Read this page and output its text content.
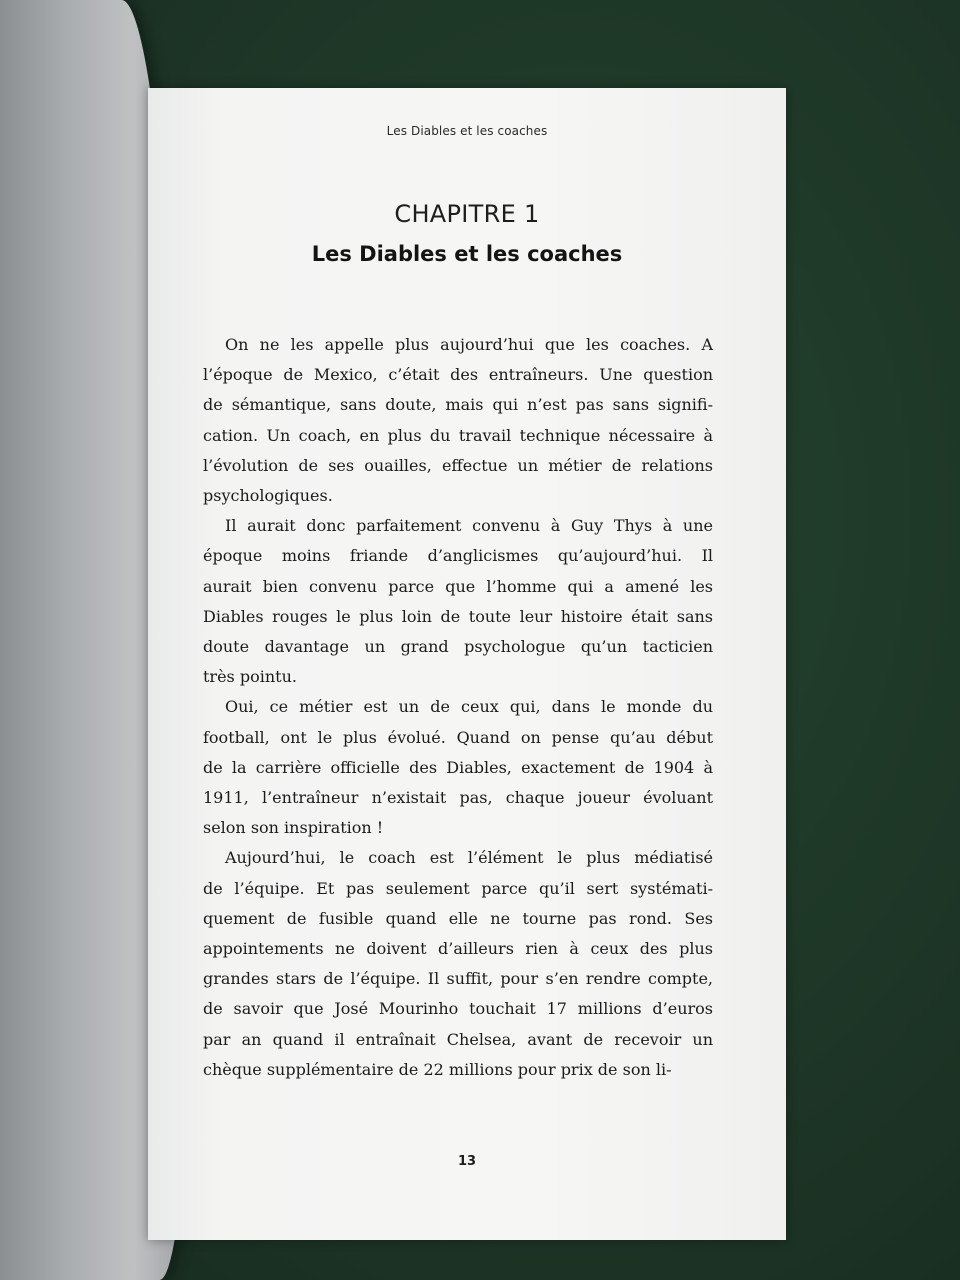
Les Diables et les coaches
CHAPITRE 1
Les Diables et les coaches
On ne les appelle plus aujourd’hui que les coaches. A
l’époque de Mexico, c’était des entraîneurs. Une question
de sémantique, sans doute, mais qui n’est pas sans signifi-
cation. Un coach, en plus du travail technique nécessaire à
l’évolution de ses ouailles, effectue un métier de relations
psychologiques.
Il aurait donc parfaitement convenu à Guy Thys à une
époque moins friande d’anglicismes qu’aujourd’hui. Il
aurait bien convenu parce que l’homme qui a amené les
Diables rouges le plus loin de toute leur histoire était sans
doute davantage un grand psychologue qu’un tacticien
très pointu.
Oui, ce métier est un de ceux qui, dans le monde du
football, ont le plus évolué. Quand on pense qu’au début
de la carrière officielle des Diables, exactement de 1904 à
1911, l’entraîneur n’existait pas, chaque joueur évoluant
selon son inspiration !
Aujourd’hui, le coach est l’élément le plus médiatisé
de l’équipe. Et pas seulement parce qu’il sert systémati-
quement de fusible quand elle ne tourne pas rond. Ses
appointements ne doivent d’ailleurs rien à ceux des plus
grandes stars de l’équipe. Il suffit, pour s’en rendre compte,
de savoir que José Mourinho touchait 17 millions d’euros
par an quand il entraînait Chelsea, avant de recevoir un
chèque supplémentaire de 22 millions pour prix de son li-
13
